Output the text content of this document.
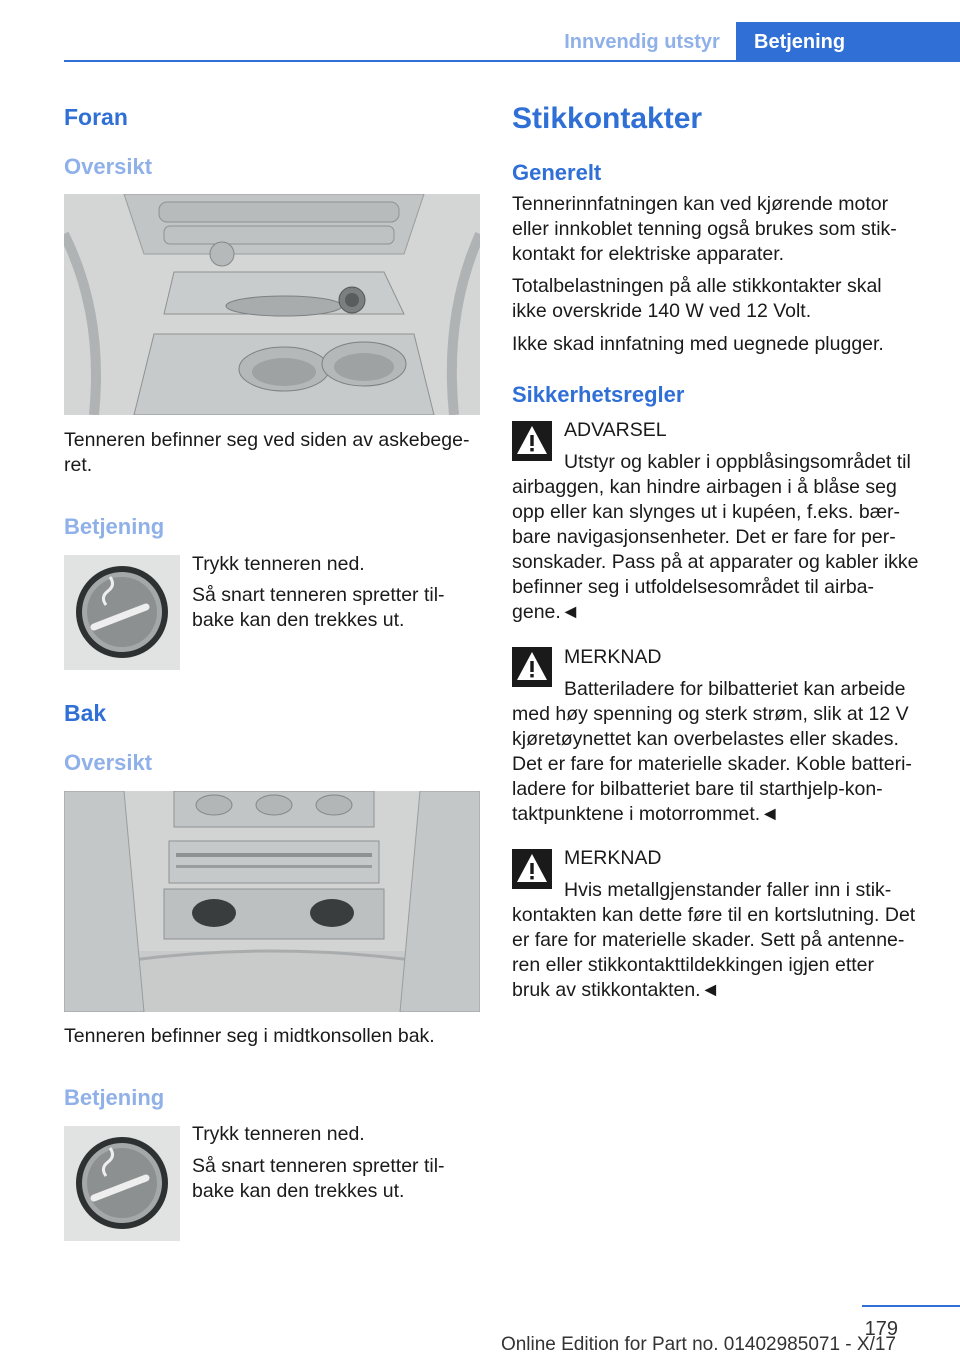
Innvendig utstyr	Betjening
Foran
Oversikt

Tenneren befinner seg ved siden av askebege-
ret.

Betjening

Trykk tenneren ned.

Så snart tenneren spretter til-
bake kan den trekkes ut.

Bak
Oversikt

Tenneren befinner seg i midtkonsollen bak.

Betjening

Trykk tenneren ned.

Så snart tenneren spretter til-
bake kan den trekkes ut.

Stikkontakter
Generelt

Tennerinnfatningen kan ved kjørende motor
eller innkoblet tenning også brukes som stik-
kontakt for elektriske apparater.

Totalbelastningen på alle stikkontakter skal
ikke overskride 140 W ved 12 Volt.

Ikke skad innfatning med uegnede plugger.

Sikkerhetsregler

ADVARSEL

Utstyr og kabler i oppblåsingsområdet til

airbaggen, kan hindre airbagen i å blåse seg
opp eller kan slynges ut i kupéen, f.eks. bær-
bare navigasjonsenheter. Det er fare for per-
sonskader. Pass på at apparater og kabler ikke
befinner seg i utfoldelsesområdet til airba-
gene.◄

MERKNAD

Batteriladere for bilbatteriet kan arbeide

med høy spenning og sterk strøm, slik at 12 V
kjøretøynettet kan overbelastes eller skades.
Det er fare for materielle skader. Koble batteri-
ladere for bilbatteriet bare til starthjelp-kon-
taktpunktene i motorrommet.◄

MERKNAD

Hvis metallgjenstander faller inn i stik-

kontakten kan dette føre til en kortslutning. Det
er fare for materielle skader. Sett på antenne-
ren eller stikkontakttildekkingen igjen etter
bruk av stikkontakten.◄

179
Online Edition for Part no. 01402985071 - X/17
